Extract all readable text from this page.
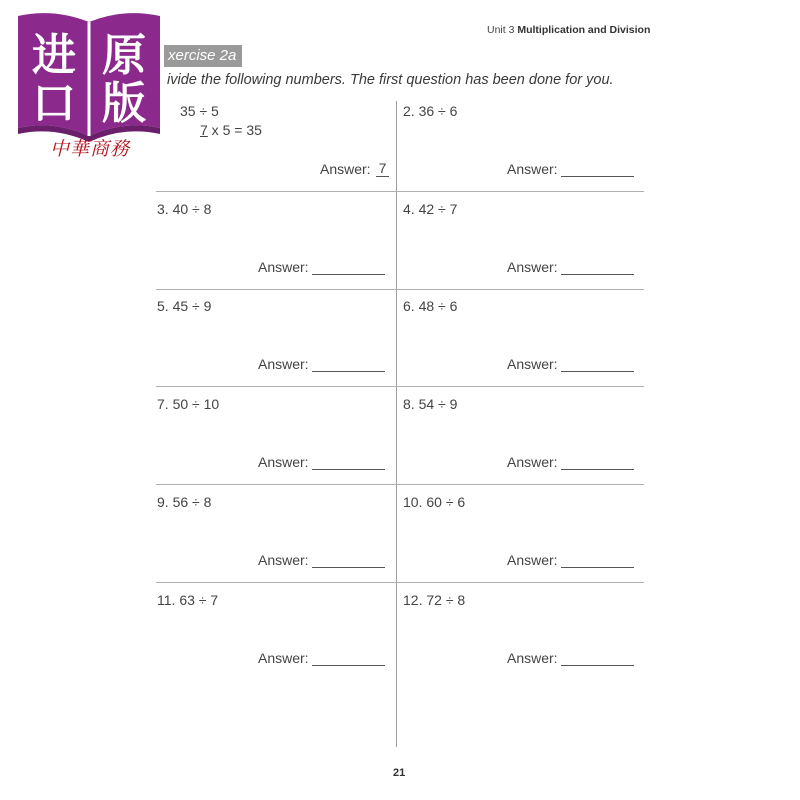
进 原
口 版
中華商務
Unit 3 Multiplication and Division
xercise 2a
ivide the following numbers. The first question has been done for you.
35 ÷ 5
7 x 5 = 35
Answer: 7
2. 36 ÷ 6
Answer:
3. 40 ÷ 8
Answer:
4. 42 ÷ 7
Answer:
5. 45 ÷ 9
Answer:
6. 48 ÷ 6
Answer:
7. 50 ÷ 10
Answer:
8. 54 ÷ 9
Answer:
9. 56 ÷ 8
Answer:
10. 60 ÷ 6
Answer:
11. 63 ÷ 7
Answer:
12. 72 ÷ 8
Answer:
21
